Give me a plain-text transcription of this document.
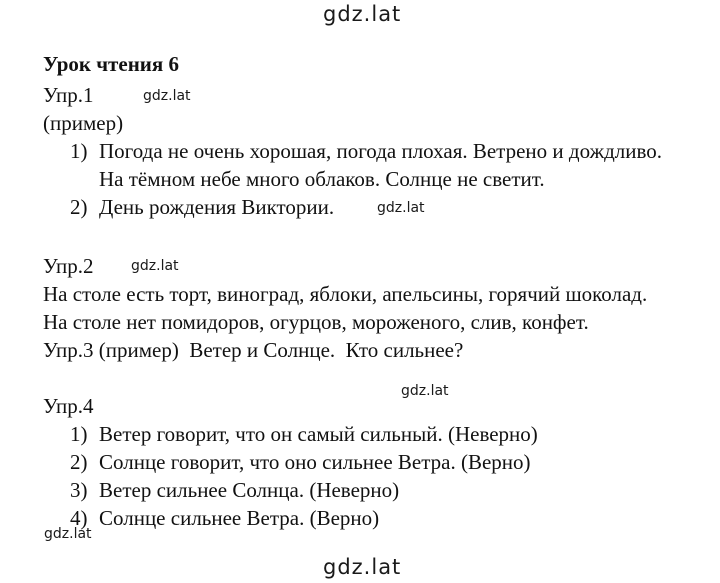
gdz.lat
gdz.lat
gdz.lat
gdz.lat
gdz.lat
gdz.lat
gdz.lat
Урок чтения 6
Упр.1
(пример)
1) Погода не очень хорошая, погода плохая. Ветрено и дождливо.
На тёмном небе много облаков. Солнце не светит.
2) День рождения Виктории.
Упр.2
На столе есть торт, виноград, яблоки, апельсины, горячий шоколад.
На столе нет помидоров, огурцов, мороженого, слив, конфет.
Упр.3 (пример)  Ветер и Солнце.  Кто сильнее?
Упр.4
1) Ветер говорит, что он самый сильный. (Неверно)
2) Солнце говорит, что оно сильнее Ветра. (Верно)
3) Ветер сильнее Солнца. (Неверно)
4) Солнце сильнее Ветра. (Верно)
